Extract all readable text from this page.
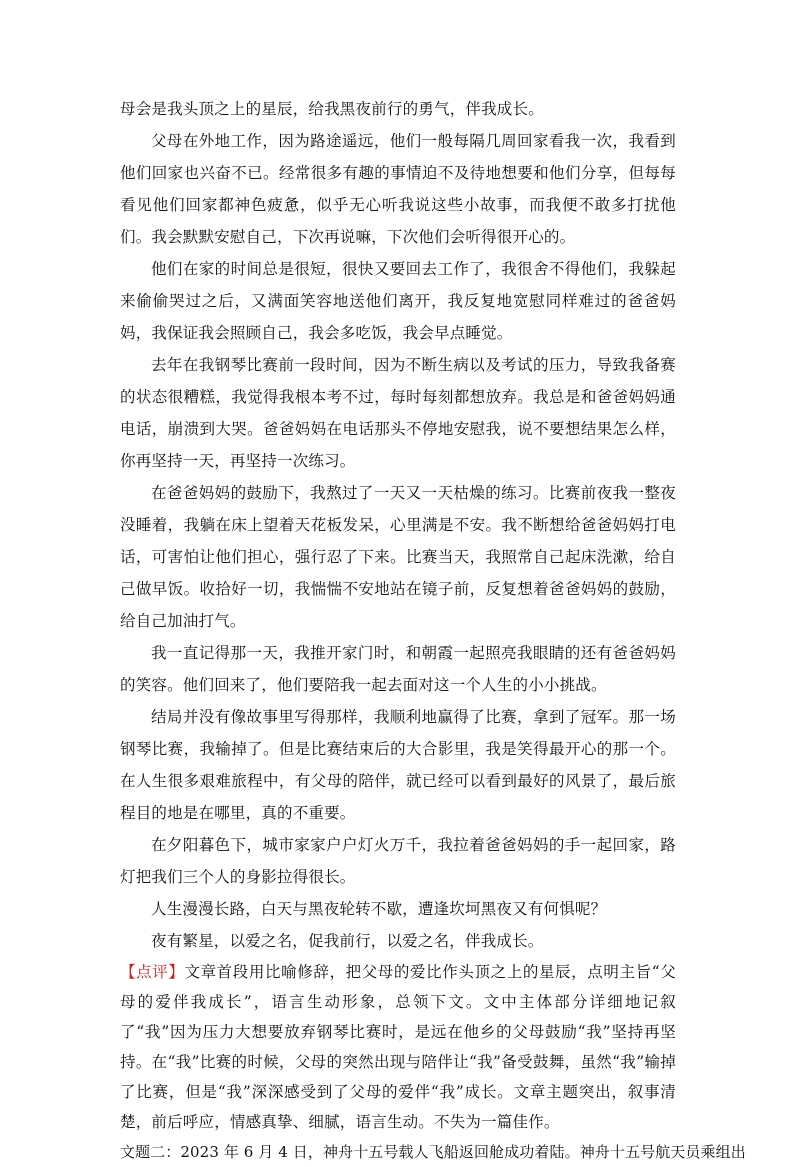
母会是我头顶之上的星辰，给我黑夜前行的勇气，伴我成长。

父母在外地工作，因为路途遥远，他们一般每隔几周回家看我一次，我看到他们回家也兴奋不已。经常很多有趣的事情迫不及待地想要和他们分享，但每每看见他们回家都神色疲惫，似乎无心听我说这些小故事，而我便不敢多打扰他们。我会默默安慰自己，下次再说嘛，下次他们会听得很开心的。

他们在家的时间总是很短，很快又要回去工作了，我很舍不得他们，我躲起来偷偷哭过之后，又满面笑容地送他们离开，我反复地宽慰同样难过的爸爸妈妈，我保证我会照顾自己，我会多吃饭，我会早点睡觉。

去年在我钢琴比赛前一段时间，因为不断生病以及考试的压力，导致我备赛的状态很糟糕，我觉得我根本考不过，每时每刻都想放弃。我总是和爸爸妈妈通电话，崩溃到大哭。爸爸妈妈在电话那头不停地安慰我，说不要想结果怎么样，你再坚持一天，再坚持一次练习。

在爸爸妈妈的鼓励下，我熬过了一天又一天枯燥的练习。比赛前夜我一整夜没睡着，我躺在床上望着天花板发呆，心里满是不安。我不断想给爸爸妈妈打电话，可害怕让他们担心，强行忍了下来。比赛当天，我照常自己起床洗漱，给自己做早饭。收拾好一切，我惴惴不安地站在镜子前，反复想着爸爸妈妈的鼓励，给自己加油打气。

我一直记得那一天，我推开家门时，和朝霞一起照亮我眼睛的还有爸爸妈妈的笑容。他们回来了，他们要陪我一起去面对这一个人生的小小挑战。

结局并没有像故事里写得那样，我顺利地赢得了比赛，拿到了冠军。那一场钢琴比赛，我输掉了。但是比赛结束后的大合影里，我是笑得最开心的那一个。在人生很多艰难旅程中，有父母的陪伴，就已经可以看到最好的风景了，最后旅程目的地是在哪里，真的不重要。

在夕阳暮色下，城市家家户户灯火万千，我拉着爸爸妈妈的手一起回家，路灯把我们三个人的身影拉得很长。

人生漫漫长路，白天与黑夜轮转不歇，遭逢坎坷黑夜又有何惧呢？

夜有繁星，以爱之名，促我前行，以爱之名，伴我成长。

【点评】文章首段用比喻修辞，把父母的爱比作头顶之上的星辰，点明主旨“父母的爱伴我成长”，语言生动形象，总领下文。文中主体部分详细地记叙了“我”因为压力大想要放弃钢琴比赛时，是远在他乡的父母鼓励“我”坚持再坚持。在“我”比赛的时候，父母的突然出现与陪伴让“我”备受鼓舞，虽然“我”输掉了比赛，但是“我”深深感受到了父母的爱伴“我”成长。文章主题突出，叙事清楚，前后呼应，情感真挚、细腻，语言生动。不失为一篇佳作。

文题二：2023 年 6 月 4 日，神舟十五号载人飞船返回舱成功着陆。神舟十五号航天员乘组出
